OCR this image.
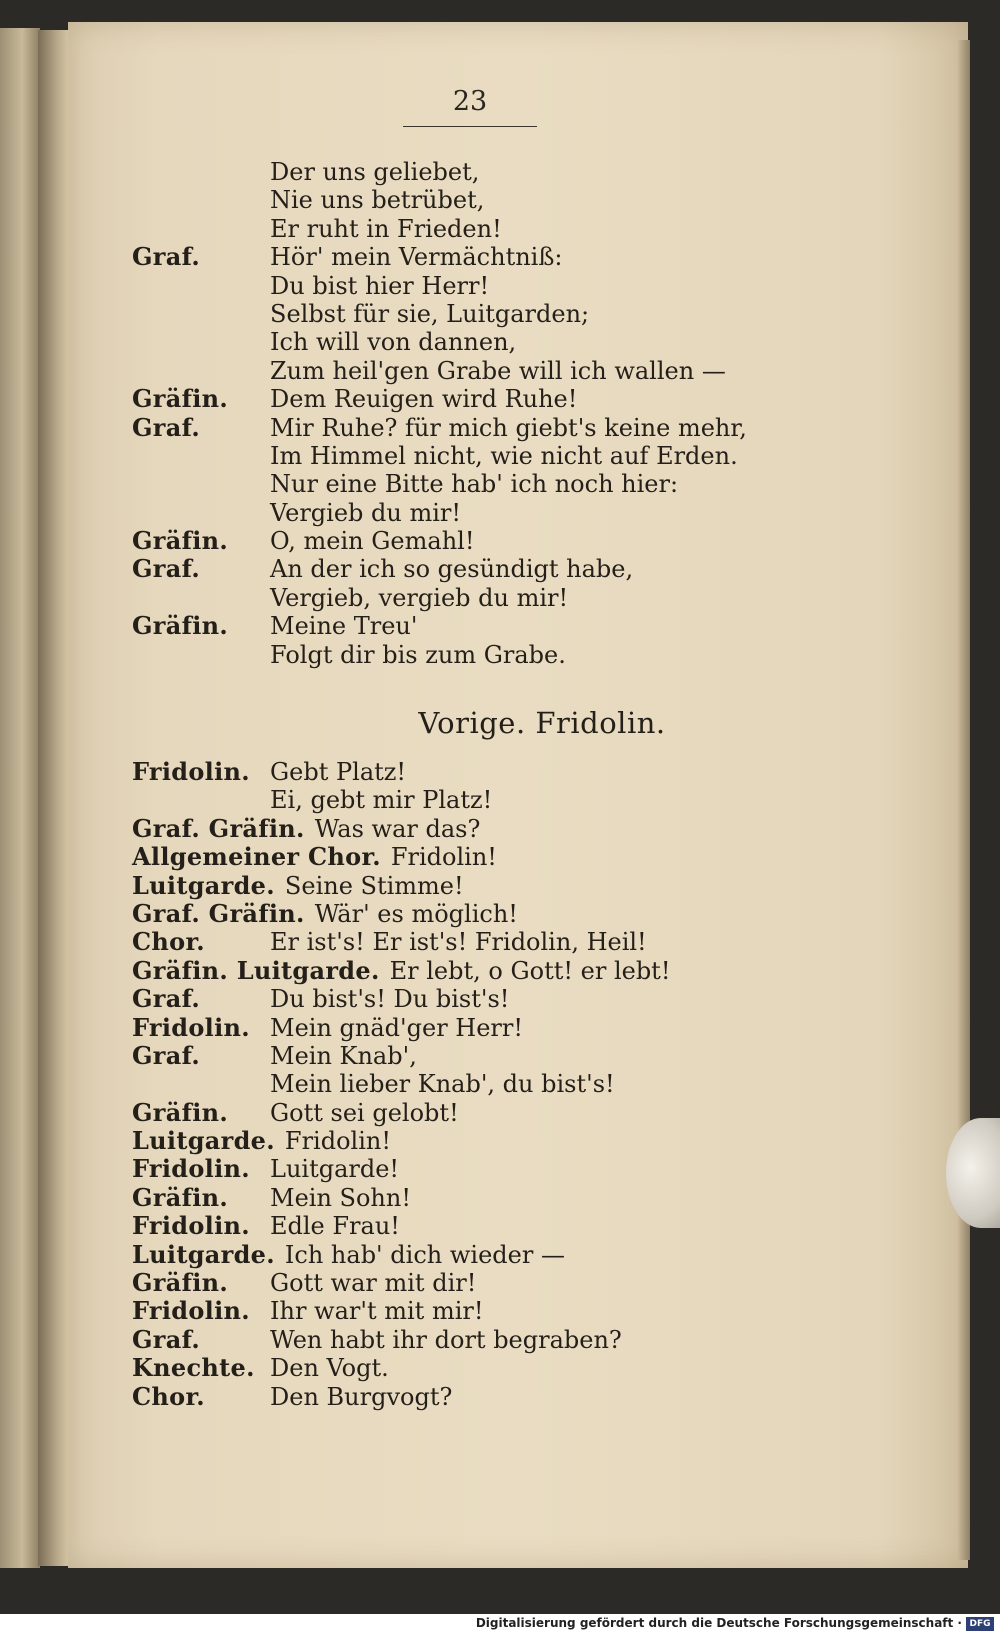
23
Der uns geliebet,
Nie uns betrübet,
Er ruht in Frieden!
Graf.	Hör' mein Vermächtniß:
Du bist hier Herr!
Selbst für sie, Luitgarden;
Ich will von dannen,
Zum heil'gen Grabe will ich wallen —
Gräfin. Dem Reuigen wird Ruhe!
Graf.	Mir Ruhe? für mich giebt's keine mehr,
Im Himmel nicht, wie nicht auf Erden.
Nur eine Bitte hab' ich noch hier:
Vergieb du mir!
Gräfin. O, mein Gemahl!
Graf.	An der ich so gesündigt habe,
Vergieb, vergieb du mir!
Gräfin. Meine Treu'
Folgt dir bis zum Grabe.
Vorige. Fridolin.
Fridolin. Gebt Platz!
Ei, gebt mir Platz!
Graf. Gräfin. Was war das?
Allgemeiner Chor. Fridolin!
Luitgarde. Seine Stimme!
Graf. Gräfin. Wär' es möglich!
Chor.	Er ist's! Er ist's! Fridolin, Heil!
Gräfin. Luitgarde. Er lebt, o Gott! er lebt!
Graf.	Du bist's! Du bist's!
Fridolin. Mein gnäd'ger Herr!
Graf.	Mein Knab',
Mein lieber Knab', du bist's!
Gräfin. Gott sei gelobt!
Luitgarde. Fridolin!
Fridolin. Luitgarde!
Gräfin. Mein Sohn!
Fridolin. Edle Frau!
Luitgarde. Ich hab' dich wieder —
Gräfin. Gott war mit dir!
Fridolin. Ihr war't mit mir!
Graf.	Wen habt ihr dort begraben?
Knechte. Den Vogt.
Chor.	Den Burgvogt?
Digitalisierung gefördert durch die Deutsche Forschungsgemeinschaft · DFG
